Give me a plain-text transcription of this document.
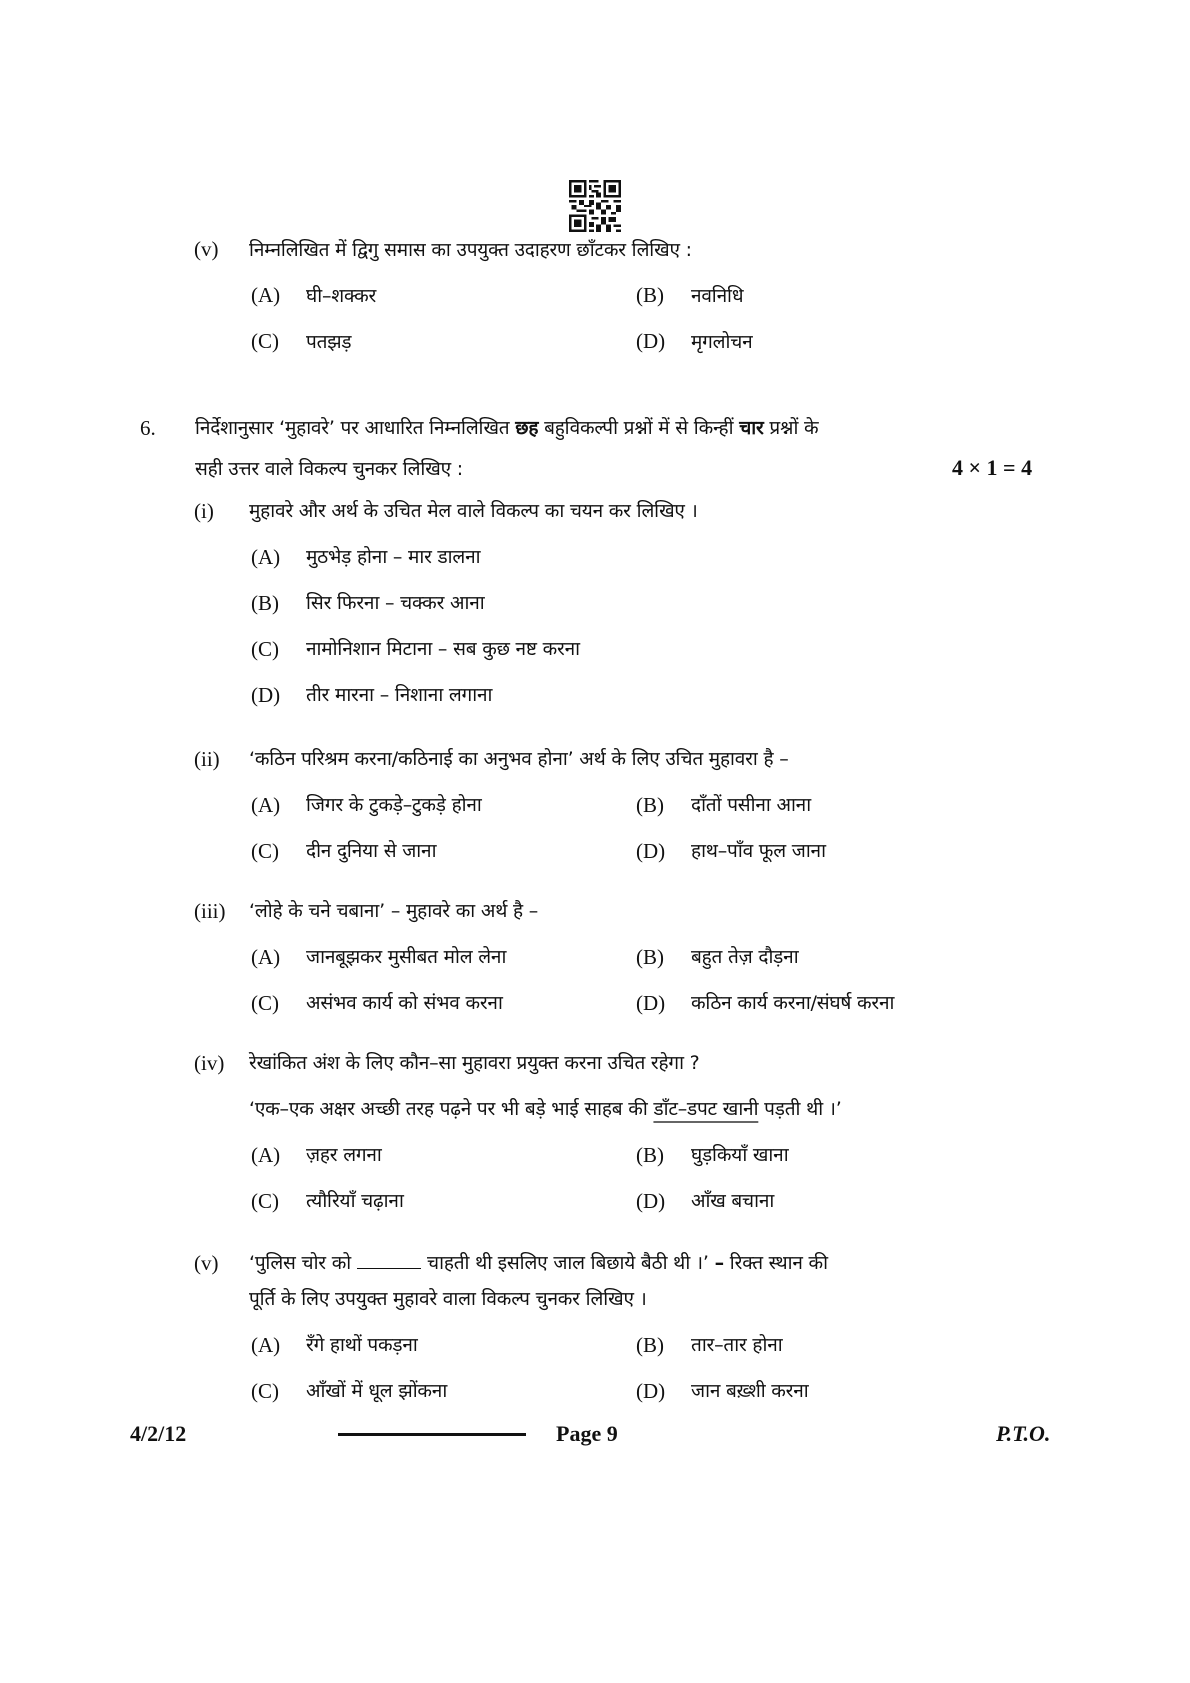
(v) निम्नलिखित में द्विगु समास का उपयुक्त उदाहरण छाँटकर लिखिए :
(A) घी–शक्कर	(B) नवनिधि
(C) पतझड़	(D) मृगलोचन
6. निर्देशानुसार ‘मुहावरे’ पर आधारित निम्नलिखित छह बहुविकल्पी प्रश्नों में से किन्हीं चार प्रश्नों के
सही उत्तर वाले विकल्प चुनकर लिखिए :	4 × 1 = 4
(i) मुहावरे और अर्थ के उचित मेल वाले विकल्प का चयन कर लिखिए ।
(A) मुठभेड़ होना – मार डालना
(B) सिर फिरना – चक्कर आना
(C) नामोनिशान मिटाना – सब कुछ नष्ट करना
(D) तीर मारना – निशाना लगाना
(ii) ‘कठिन परिश्रम करना/कठिनाई का अनुभव होना’ अर्थ के लिए उचित मुहावरा है –
(A) जिगर के टुकड़े–टुकड़े होना	(B) दाँतों पसीना आना
(C) दीन दुनिया से जाना	(D) हाथ–पाँव फूल जाना
(iii) ‘लोहे के चने चबाना’ – मुहावरे का अर्थ है –
(A) जानबूझकर मुसीबत मोल लेना	(B) बहुत तेज़ दौड़ना
(C) असंभव कार्य को संभव करना	(D) कठिन कार्य करना/संघर्ष करना
(iv) रेखांकित अंश के लिए कौन–सा मुहावरा प्रयुक्त करना उचित रहेगा ?
‘एक–एक अक्षर अच्छी तरह पढ़ने पर भी बड़े भाई साहब की डाँट–डपट खानी पड़ती थी ।’
(A) ज़हर लगना	(B) घुड़कियाँ खाना
(C) त्यौरियाँ चढ़ाना	(D) आँख बचाना
(v) ‘पुलिस चोर को	चाहती थी इसलिए जाल बिछाये बैठी थी ।’ – रिक्त स्थान की
पूर्ति के लिए उपयुक्त मुहावरे वाला विकल्प चुनकर लिखिए ।
(A) रँगे हाथों पकड़ना	(B) तार–तार होना
(C) आँखों में धूल झोंकना	(D) जान बख़्शी करना
4/2/12	Page 9	P.T.O.
